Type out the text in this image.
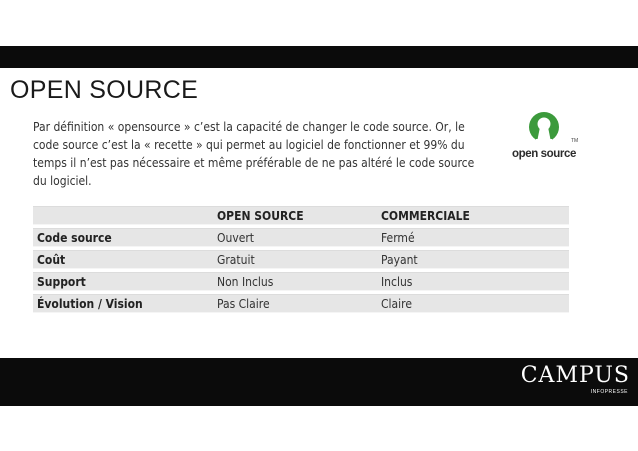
OPEN SOURCE
Par définition « opensource » c’est la capacité de changer le code source. Or, le code source c’est la « recette » qui permet au logiciel de fonctionner et 99% du temps il n’est pas nécessaire et même préférable de ne pas altéré le code source du logiciel.
TM
open source
	OPEN SOURCE	COMMERCIALE
Code source	Ouvert	Fermé
Coût	Gratuit	Payant
Support	Non Inclus	Inclus
Évolution / Vision	Pas Claire	Claire
CAMPUS
INFOPRESSE
